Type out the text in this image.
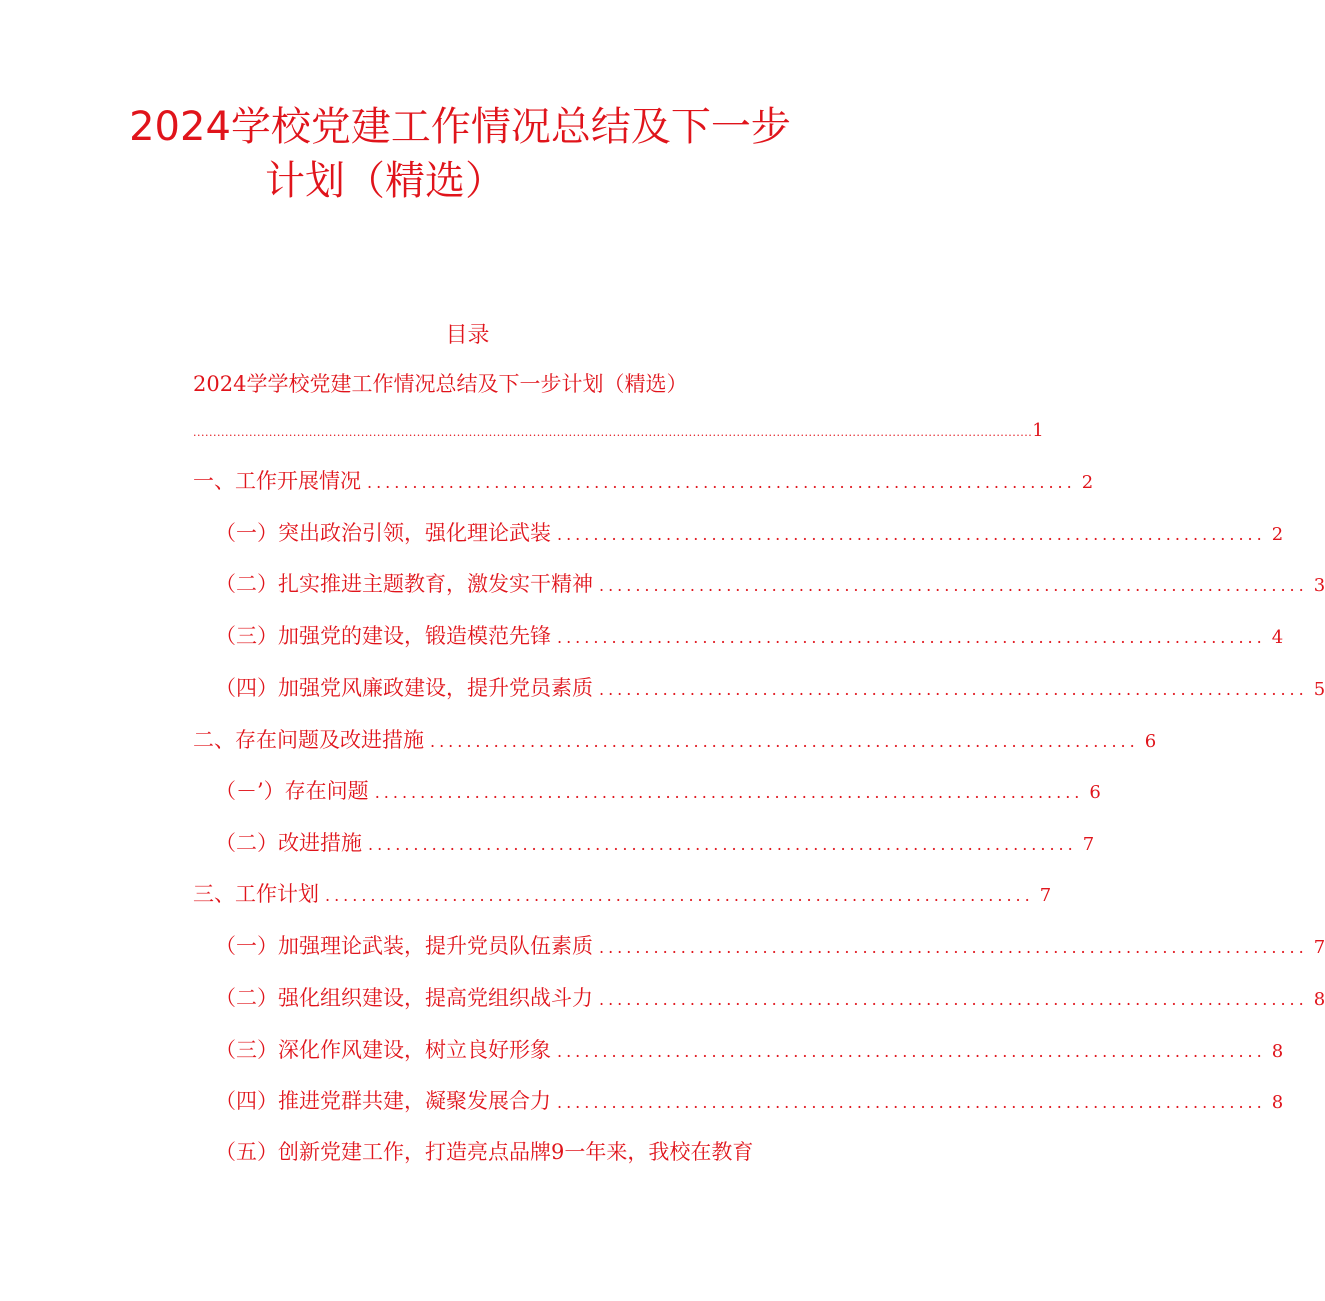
2024学校党建工作情况总结及下一步
计划（精选）
目录
2024学学校党建工作情况总结及下一步计划（精选）
.................................................................................................................................................................................................................. 1
一、工作开展情况 .............................................................................. 2
（一）突出政治引领，强化理论武装 .............................................................................. 2
（二）扎实推进主题教育，激发实干精神 .............................................................................. 3
（三）加强党的建设，锻造模范先锋 .............................................................................. 4
（四）加强党风廉政建设，提升党员素质 .............................................................................. 5
二、存在问题及改进措施 .............................................................................. 6
（－’）存在问题 .............................................................................. 6
（二）改进措施 .............................................................................. 7
三、工作计划 .............................................................................. 7
（一）加强理论武装，提升党员队伍素质 .............................................................................. 7
（二）强化组织建设，提高党组织战斗力 .............................................................................. 8
（三）深化作风建设，树立良好形象 .............................................................................. 8
（四）推进党群共建，凝聚发展合力 .............................................................................. 8
（五）创新党建工作，打造亮点品牌9一年来，我校在教育
